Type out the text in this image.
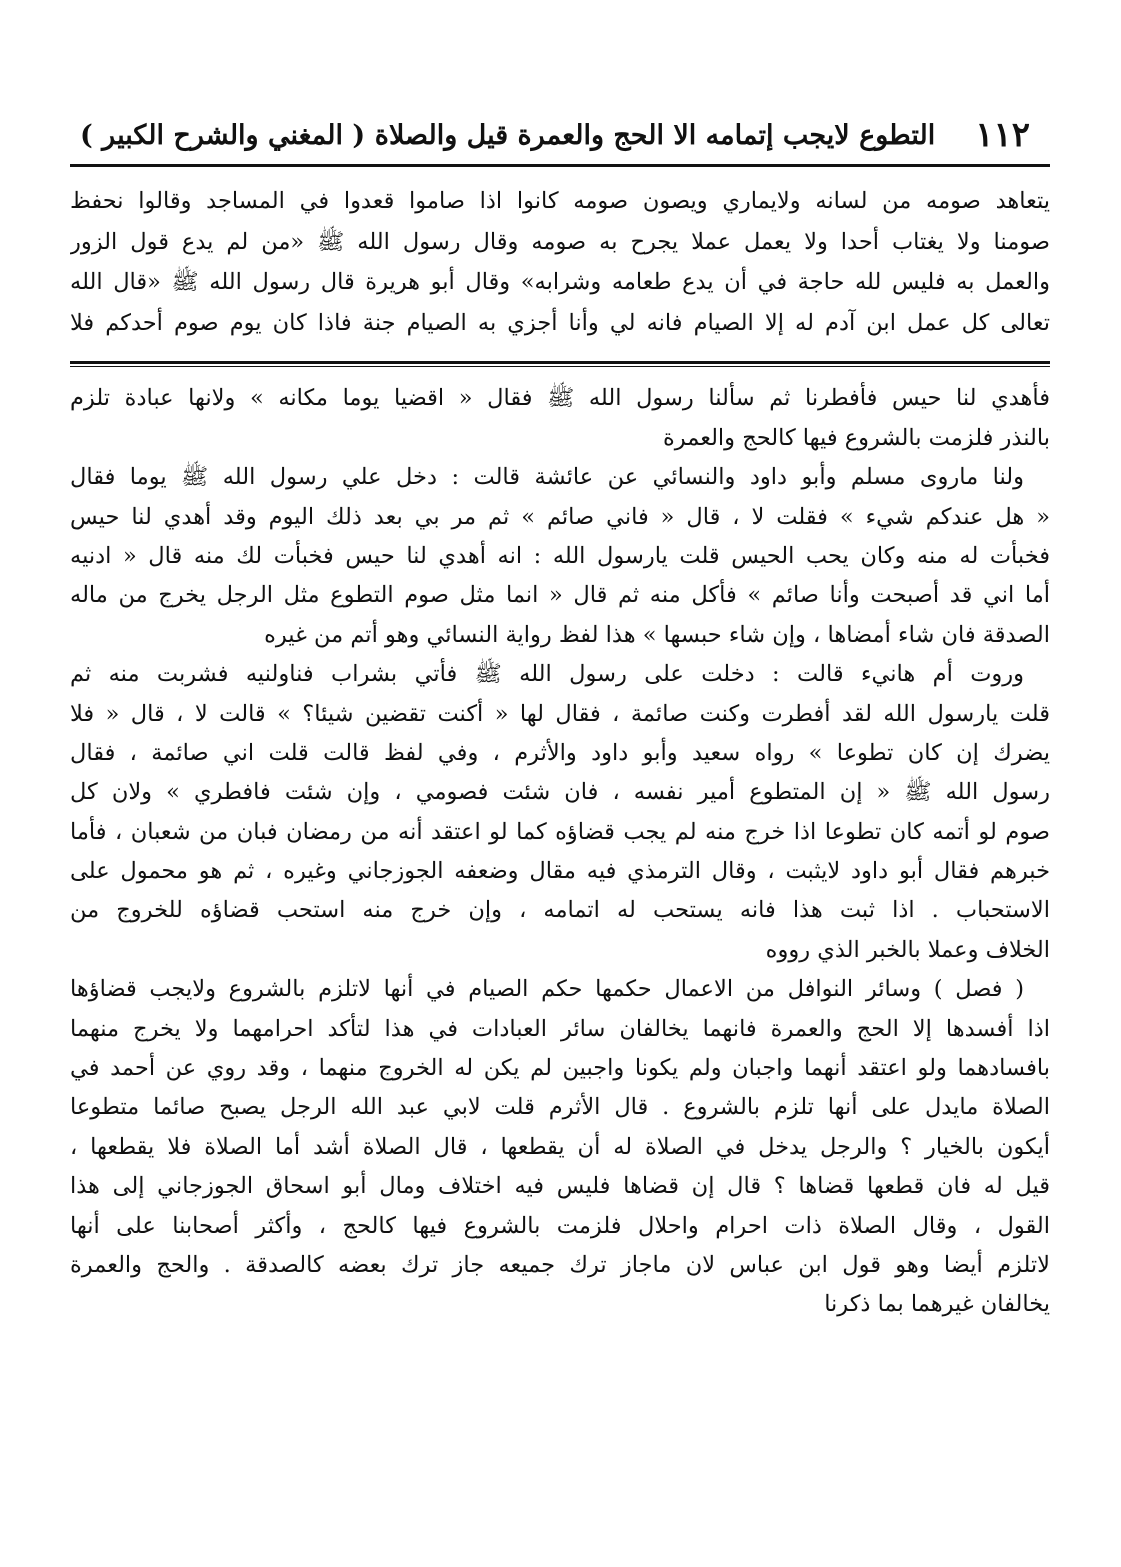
١١٢
التطوع لايجب إتمامه الا الحج والعمرة قيل والصلاة
( المغني والشرح الكبير )
يتعاهد صومه من لسانه ولايماري ويصون صومه كانوا اذا صاموا قعدوا في المساجد وقالوا نحفظ
صومنا ولا يغتاب أحدا ولا يعمل عملا يجرح به صومه وقال رسول الله ﷺ «من لم يدع قول الزور
والعمل به فليس لله حاجة في أن يدع طعامه وشرابه» وقال أبو هريرة قال رسول الله ﷺ «قال الله
تعالى كل عمل ابن آدم له إلا الصيام فانه لي وأنا أجزي به الصيام جنة فاذا كان يوم صوم أحدكم فلا
فأهدي لنا حيس فأفطرنا ثم سألنا رسول الله ﷺ فقال « اقضيا يوما مكانه » ولانها عبادة تلزم
بالنذر فلزمت بالشروع فيها كالحج والعمرة
ولنا ماروى مسلم وأبو داود والنسائي عن عائشة قالت : دخل علي رسول الله ﷺ يوما فقال
« هل عندكم شيء » فقلت لا ، قال « فاني صائم » ثم مر بي بعد ذلك اليوم وقد أهدي لنا حيس
فخبأت له منه وكان يحب الحيس قلت يارسول الله : انه أهدي لنا حيس فخبأت لك منه قال « ادنيه
أما اني قد أصبحت وأنا صائم » فأكل منه ثم قال « انما مثل صوم التطوع مثل الرجل يخرج من ماله
الصدقة فان شاء أمضاها ، وإن شاء حبسها » هذا لفظ رواية النسائي وهو أتم من غيره
وروت أم هانيء قالت : دخلت على رسول الله ﷺ فأتي بشراب فناولنيه فشربت منه ثم
قلت يارسول الله لقد أفطرت وكنت صائمة ، فقال لها « أكنت تقضين شيئا؟ » قالت لا ، قال « فلا
يضرك إن كان تطوعا » رواه سعيد وأبو داود والأثرم ، وفي لفظ قالت قلت اني صائمة ، فقال
رسول الله ﷺ « إن المتطوع أمير نفسه ، فان شئت فصومي ، وإن شئت فافطري » ولان كل
صوم لو أتمه كان تطوعا اذا خرج منه لم يجب قضاؤه كما لو اعتقد أنه من رمضان فبان من شعبان ، فأما
خبرهم فقال أبو داود لايثبت ، وقال الترمذي فيه مقال وضعفه الجوزجاني وغيره ، ثم هو محمول على
الاستحباب . اذا ثبت هذا فانه يستحب له اتمامه ، وإن خرج منه استحب قضاؤه للخروج من
الخلاف وعملا بالخبر الذي رووه
( فصل ) وسائر النوافل من الاعمال حكمها حكم الصيام في أنها لاتلزم بالشروع ولايجب قضاؤها
اذا أفسدها إلا الحج والعمرة فانهما يخالفان سائر العبادات في هذا لتأكد احرامهما ولا يخرج منهما
بافسادهما ولو اعتقد أنهما واجبان ولم يكونا واجبين لم يكن له الخروج منهما ، وقد روي عن أحمد في
الصلاة مايدل على أنها تلزم بالشروع . قال الأثرم قلت لابي عبد الله الرجل يصبح صائما متطوعا
أيكون بالخيار ؟ والرجل يدخل في الصلاة له أن يقطعها ، قال الصلاة أشد أما الصلاة فلا يقطعها ،
قيل له فان قطعها قضاها ؟ قال إن قضاها فليس فيه اختلاف ومال أبو اسحاق الجوزجاني إلى هذا
القول ، وقال الصلاة ذات احرام واحلال فلزمت بالشروع فيها كالحج ، وأكثر أصحابنا على أنها
لاتلزم أيضا وهو قول ابن عباس لان ماجاز ترك جميعه جاز ترك بعضه كالصدقة . والحج والعمرة
يخالفان غيرهما بما ذكرنا
